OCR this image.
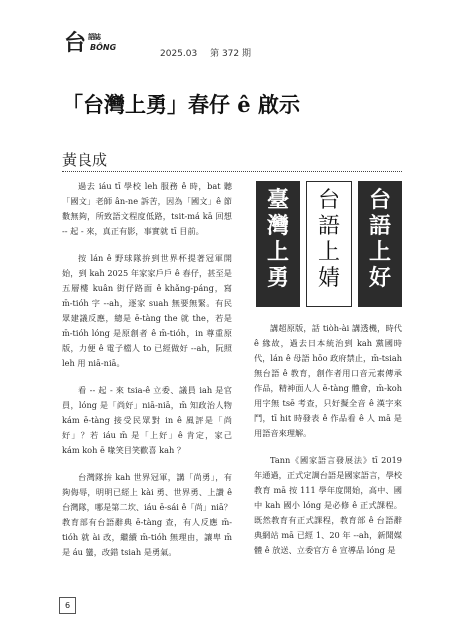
台 語誌
BÔNG
2025.03 第 372 期
「台灣上勇」春仔 ê 啟示
黃良成

過去 iáu tī 學校 leh 服務 ê 時，bat 聽「國文」老師 ân-ne 訴苦，因為「國文」ê 節數無夠，所致語文程度低路，tsit-má kā 回想 -- 起 - 來，真正有影，事實就 tī 目前。

按 lán ê 野球隊拚到世界杯提著冠軍開始，到 kah 2025 年家家戶戶 ê 春仔，甚至是五層樓 kuân 街仔路面 ê khǎng-páng，寫 m̄-tióh 字 --ah，逐家 suah 無要無緊。有民眾建議反應，總是 ē-tàng the 就 the，若是 m̄-tióh lóng 是原創者 ê m̄-tióh，in 尊重原版，力便 ê 電子檔人 to 已經做好 --ah，阮照 leh 用 niā-niā。

看 -- 起 - 來 tsia-ê 立委、議員 iah 是官員，lóng 是「尚好」niā-niā，m̄ 知政治人物 kám ē-tàng 接受民眾對 in ê 風評是「尚好」？若 iáu m̄ 是「上好」ê 肯定，家己 kám koh ē 喙笑目笑歡喜 kah ？

台灣隊拚 kah 世界冠軍，講「尚勇」，有夠侮辱，明明已經上 kài 勇、世界勇、上讚 ê 台灣隊，哪是第二坎、iáu ē-sái ê「尚」niā？教育部有台語辭典 ē-tàng 查，有人反應 m̄-tióh 就 ài 改，繼續 m̄-tióh 無理由，讓卑 m̄ 是 áu 蠻，改錯 tsiah 是勇氣。

臺
灣
上
勇
台
語
上
婧
台
語
上
好

講超原版，話 tiòh-ài 講透機，時代 ê 緣故，過去日本統治到 kah 黨國時代，lán ê 母語 hōo 政府禁止，m̄-tsiah 無台語 ê 教育，創作者用口音元素傳承作品，精神面人人 ē-tàng 體會，m̄-koh 用字無 tsē 考查，只好擬全音 ê 漢字來鬥，tī hit 時發表 ê 作品看 ê 人 mā 是用語音來理解。

Tann《國家語言發展法》tī 2019 年通過，正式定調台語是國家語言，學校教育 mā 按 111 學年度開始，高中、國中 kah 國小 lóng 是必修 ê 正式課程。既然教育有正式課程，教育部 ê 台語辭典網站 mā 已經 1、20 年 --ah，新聞媒體 ê 放送、立委官方 ê 宣導品 lóng 是

6
